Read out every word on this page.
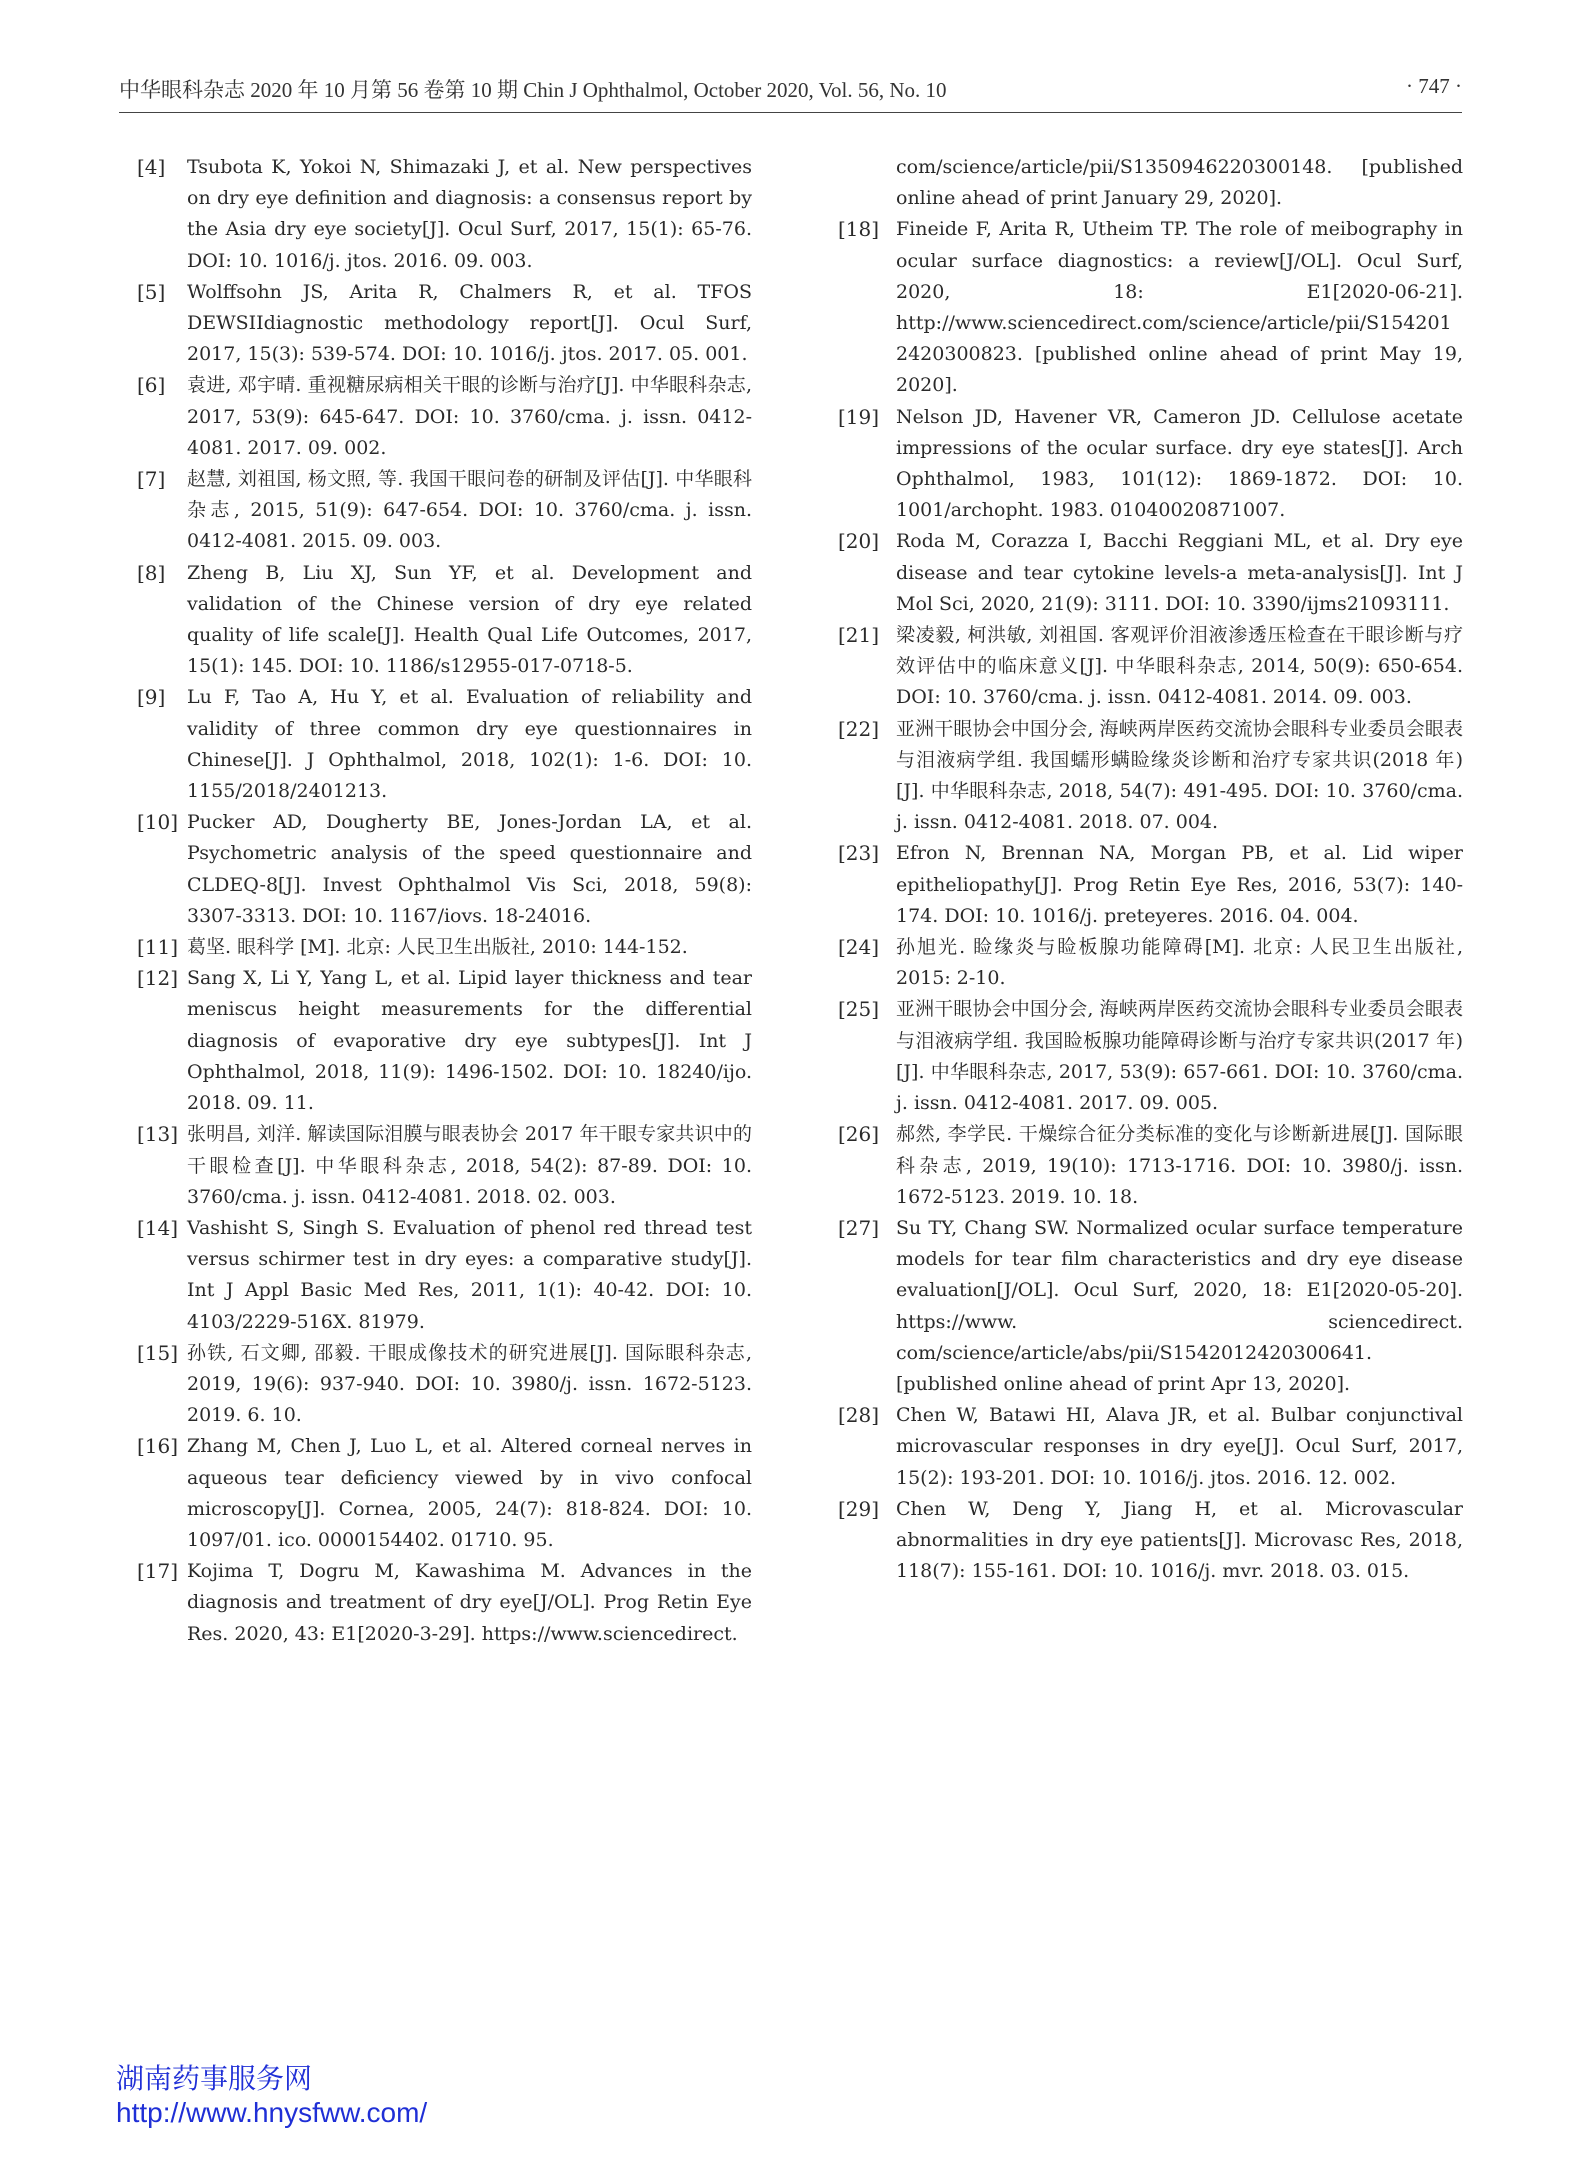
中华眼科杂志 2020 年 10 月第 56 卷第 10 期 Chin J Ophthalmol, October 2020, Vol. 56, No. 10	· 747 ·
[4]	Tsubota K, Yokoi N, Shimazaki J, et al. New perspectives on dry eye definition and diagnosis: a consensus report by the Asia dry eye society[J]. Ocul Surf, 2017, 15(1): 65-76. DOI: 10. 1016/j. jtos. 2016. 09. 003.
[5]	Wolffsohn JS, Arita R, Chalmers R, et al. TFOS DEWSIIdiagnostic methodology report[J]. Ocul Surf, 2017, 15(3): 539-574. DOI: 10. 1016/j. jtos. 2017. 05. 001.
[6]	袁进, 邓宇晴. 重视糖尿病相关干眼的诊断与治疗[J]. 中华眼科杂志, 2017, 53(9): 645-647. DOI: 10. 3760/cma. j. issn. 0412-4081. 2017. 09. 002.
[7]	赵慧, 刘祖国, 杨文照, 等. 我国干眼问卷的研制及评估[J]. 中华眼科杂志, 2015, 51(9): 647-654. DOI: 10. 3760/cma. j. issn. 0412-4081. 2015. 09. 003.
[8]	Zheng B, Liu XJ, Sun YF, et al. Development and validation of the Chinese version of dry eye related quality of life scale[J]. Health Qual Life Outcomes, 2017, 15(1): 145. DOI: 10. 1186/s12955-017-0718-5.
[9]	Lu F, Tao A, Hu Y, et al. Evaluation of reliability and validity of three common dry eye questionnaires in Chinese[J]. J Ophthalmol, 2018, 102(1): 1-6. DOI: 10. 1155/2018/2401213.
[10] Pucker AD, Dougherty BE, Jones-Jordan LA, et al. Psychometric analysis of the speed questionnaire and CLDEQ-8[J]. Invest Ophthalmol Vis Sci, 2018, 59(8): 3307-3313. DOI: 10. 1167/iovs. 18-24016.
[11] 葛坚. 眼科学 [M]. 北京: 人民卫生出版社, 2010: 144-152.
[12] Sang X, Li Y, Yang L, et al. Lipid layer thickness and tear meniscus height measurements for the differential diagnosis of evaporative dry eye subtypes[J]. Int J Ophthalmol, 2018, 11(9): 1496-1502. DOI: 10. 18240/ijo. 2018. 09. 11.
[13] 张明昌, 刘洋. 解读国际泪膜与眼表协会 2017 年干眼专家共识中的干眼检查[J]. 中华眼科杂志, 2018, 54(2): 87-89. DOI: 10. 3760/cma. j. issn. 0412-4081. 2018. 02. 003.
[14] Vashisht S, Singh S. Evaluation of phenol red thread test versus schirmer test in dry eyes: a comparative study[J]. Int J Appl Basic Med Res, 2011, 1(1): 40-42. DOI: 10. 4103/2229-516X. 81979.
[15] 孙铁, 石文卿, 邵毅. 干眼成像技术的研究进展[J]. 国际眼科杂志, 2019, 19(6): 937-940. DOI: 10. 3980/j. issn. 1672-5123. 2019. 6. 10.
[16] Zhang M, Chen J, Luo L, et al. Altered corneal nerves in aqueous tear deficiency viewed by in vivo confocal microscopy[J]. Cornea, 2005, 24(7): 818-824. DOI: 10. 1097/01. ico. 0000154402. 01710. 95.
[17] Kojima T, Dogru M, Kawashima M. Advances in the diagnosis and treatment of dry eye[J/OL]. Prog Retin Eye Res. 2020, 43: E1[2020-3-29]. https://www.sciencedirect.
com/science/article/pii/S1350946220300148. [published online ahead of print January 29, 2020].
[18] Fineide F, Arita R, Utheim TP. The role of meibography in ocular surface diagnostics: a review[J/OL]. Ocul Surf, 2020, 18: E1[2020-06-21]. http://www.sciencedirect.com/science/article/pii/S1542012420300823. [published online ahead of print May 19, 2020].
[19] Nelson JD, Havener VR, Cameron JD. Cellulose acetate impressions of the ocular surface. dry eye states[J]. Arch Ophthalmol, 1983, 101(12): 1869-1872. DOI: 10. 1001/archopht. 1983. 01040020871007.
[20] Roda M, Corazza I, Bacchi Reggiani ML, et al. Dry eye disease and tear cytokine levels-a meta-analysis[J]. Int J Mol Sci, 2020, 21(9): 3111. DOI: 10. 3390/ijms21093111.
[21] 梁凌毅, 柯洪敏, 刘祖国. 客观评价泪液渗透压检查在干眼诊断与疗效评估中的临床意义[J]. 中华眼科杂志, 2014, 50(9): 650-654. DOI: 10. 3760/cma. j. issn. 0412-4081. 2014. 09. 003.
[22] 亚洲干眼协会中国分会, 海峡两岸医药交流协会眼科专业委员会眼表与泪液病学组. 我国蠕形螨睑缘炎诊断和治疗专家共识(2018 年) [J]. 中华眼科杂志, 2018, 54(7): 491-495. DOI: 10. 3760/cma. j. issn. 0412-4081. 2018. 07. 004.
[23] Efron N, Brennan NA, Morgan PB, et al. Lid wiper epitheliopathy[J]. Prog Retin Eye Res, 2016, 53(7): 140-174. DOI: 10. 1016/j. preteyeres. 2016. 04. 004.
[24] 孙旭光. 睑缘炎与睑板腺功能障碍[M]. 北京: 人民卫生出版社, 2015: 2-10.
[25] 亚洲干眼协会中国分会, 海峡两岸医药交流协会眼科专业委员会眼表与泪液病学组. 我国睑板腺功能障碍诊断与治疗专家共识(2017 年) [J]. 中华眼科杂志, 2017, 53(9): 657-661. DOI: 10. 3760/cma. j. issn. 0412-4081. 2017. 09. 005.
[26] 郝然, 李学民. 干燥综合征分类标准的变化与诊断新进展[J]. 国际眼科杂志, 2019, 19(10): 1713-1716. DOI: 10. 3980/j. issn. 1672-5123. 2019. 10. 18.
[27] Su TY, Chang SW. Normalized ocular surface temperature models for tear film characteristics and dry eye disease evaluation[J/OL]. Ocul Surf, 2020, 18: E1[2020-05-20]. https://www. sciencedirect. com/science/article/abs/pii/S1542012420300641. [published online ahead of print Apr 13, 2020].
[28] Chen W, Batawi HI, Alava JR, et al. Bulbar conjunctival microvascular responses in dry eye[J]. Ocul Surf, 2017, 15(2): 193-201. DOI: 10. 1016/j. jtos. 2016. 12. 002.
[29] Chen W, Deng Y, Jiang H, et al. Microvascular abnormalities in dry eye patients[J]. Microvasc Res, 2018, 118(7): 155-161. DOI: 10. 1016/j. mvr. 2018. 03. 015.
湖南药事服务网
http://www.hnysfww.com/
